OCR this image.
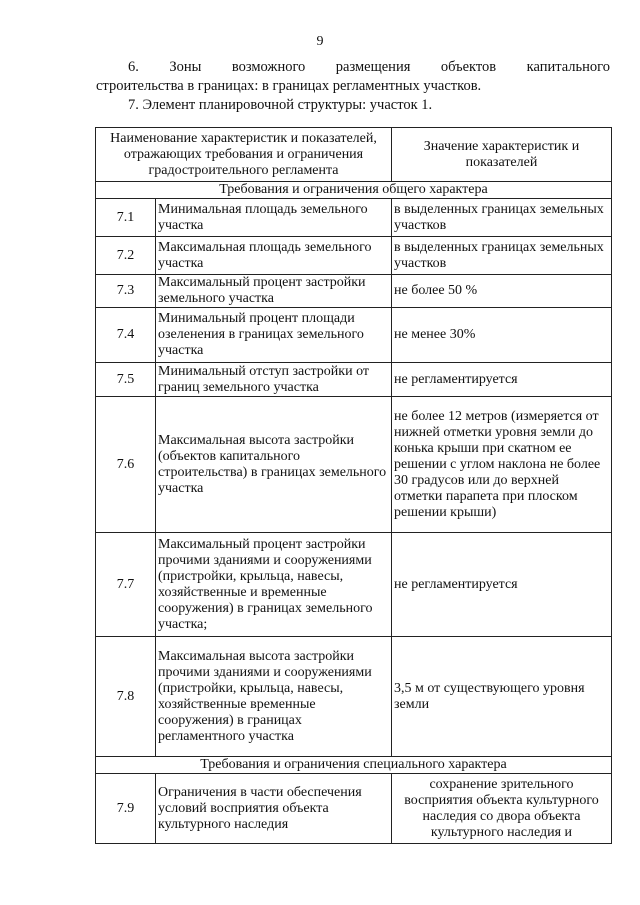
9
6. Зоны возможного размещения объектов капитального
строительства в границах: в границах регламентных участков.
7. Элемент планировочной структуры: участок 1.
Наименование характеристик и показателей, отражающих требования и ограничения градостроительного регламента		Значение характеристик и показателей
Требования и ограничения общего характера		
7.1	Минимальная площадь земельного участка	в выделенных границах земельных участков
7.2	Максимальная площадь земельного участка	в выделенных границах земельных участков
7.3	Максимальный процент застройки земельного участка	не более 50 %
7.4	Минимальный процент площади озеленения в границах земельного участка	не менее 30%
7.5	Минимальный отступ застройки от границ земельного участка	не регламентируется
7.6	Максимальная высота застройки (объектов капитального строительства) в границах земельного участка	не более 12 метров (измеряется от нижней отметки уровня земли до конька крыши при скатном ее решении с углом наклона не более 30 градусов или до верхней отметки парапета при плоском решении крыши)
7.7	Максимальный процент застройки прочими зданиями и сооружениями (пристройки, крыльца, навесы, хозяйственные и временные сооружения) в границах земельного участка;	не регламентируется
7.8	Максимальная высота застройки прочими зданиями и сооружениями (пристройки, крыльца, навесы, хозяйственные временные сооружения) в границах регламентного участка	3,5 м от существующего уровня земли
Требования и ограничения специального характера		
7.9	Ограничения в части обеспечения условий восприятия объекта культурного наследия	сохранение зрительного восприятия объекта культурного наследия со двора объекта культурного наследия и
